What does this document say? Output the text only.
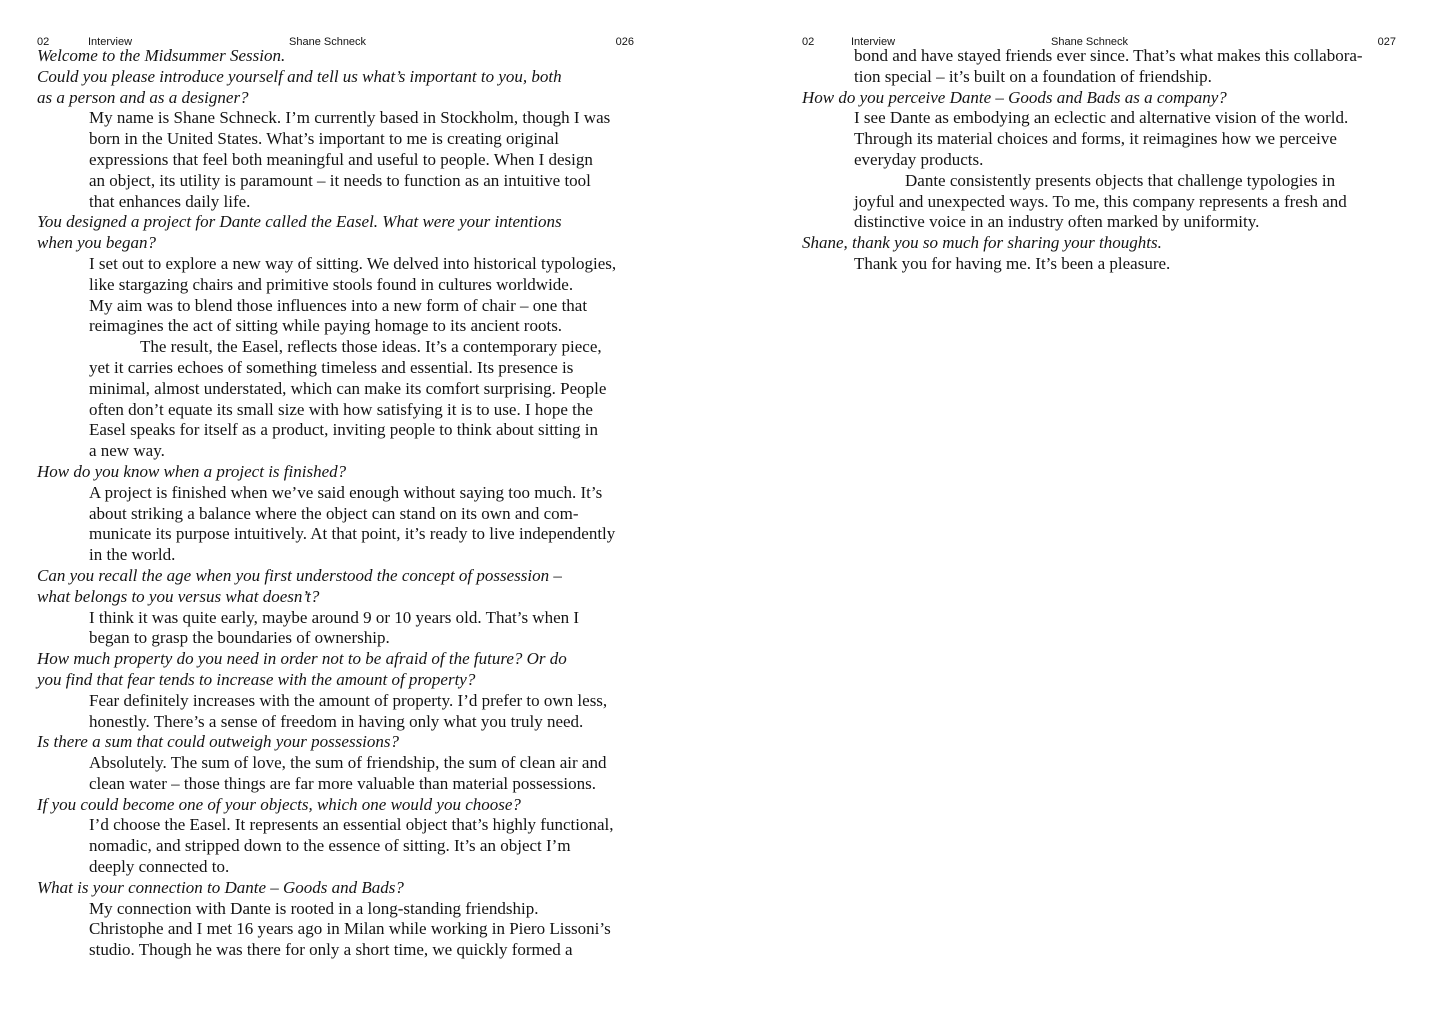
02	Interview	Shane Schneck	026
Welcome to the Midsummer Session.
Could you please introduce yourself and tell us what’s important to you, both
as a person and as a designer?
My name is Shane Schneck. I’m currently based in Stockholm, though I was
born in the United States. What’s important to me is creating original
expressions that feel both meaningful and useful to people. When I design
an object, its utility is paramount – it needs to function as an intuitive tool
that enhances daily life.
You designed a project for Dante called the Easel. What were your intentions
when you began?
I set out to explore a new way of sitting. We delved into historical typologies,
like stargazing chairs and primitive stools found in cultures worldwide.
My aim was to blend those influences into a new form of chair – one that
reimagines the act of sitting while paying homage to its ancient roots.
The result, the Easel, reflects those ideas. It’s a contemporary piece,
yet it carries echoes of something timeless and essential. Its presence is
minimal, almost understated, which can make its comfort surprising. People
often don’t equate its small size with how satisfying it is to use. I hope the
Easel speaks for itself as a product, inviting people to think about sitting in
a new way.
How do you know when a project is finished?
A project is finished when we’ve said enough without saying too much. It’s
about striking a balance where the object can stand on its own and com-
municate its purpose intuitively. At that point, it’s ready to live independently
in the world.
Can you recall the age when you first understood the concept of possession –
what belongs to you versus what doesn’t?
I think it was quite early, maybe around 9 or 10 years old. That’s when I
began to grasp the boundaries of ownership.
How much property do you need in order not to be afraid of the future? Or do
you find that fear tends to increase with the amount of property?
Fear definitely increases with the amount of property. I’d prefer to own less,
honestly. There’s a sense of freedom in having only what you truly need.
Is there a sum that could outweigh your possessions?
Absolutely. The sum of love, the sum of friendship, the sum of clean air and
clean water – those things are far more valuable than material possessions.
If you could become one of your objects, which one would you choose?
I’d choose the Easel. It represents an essential object that’s highly functional,
nomadic, and stripped down to the essence of sitting. It’s an object I’m
deeply connected to.
What is your connection to Dante – Goods and Bads?
My connection with Dante is rooted in a long-standing friendship.
Christophe and I met 16 years ago in Milan while working in Piero Lissoni’s
studio. Though he was there for only a short time, we quickly formed a
02	Interview	Shane Schneck	027
bond and have stayed friends ever since. That’s what makes this collabora-
tion special – it’s built on a foundation of friendship.
How do you perceive Dante – Goods and Bads as a company?
I see Dante as embodying an eclectic and alternative vision of the world.
Through its material choices and forms, it reimagines how we perceive
everyday products.
Dante consistently presents objects that challenge typologies in
joyful and unexpected ways. To me, this company represents a fresh and
distinctive voice in an industry often marked by uniformity.
Shane, thank you so much for sharing your thoughts.
Thank you for having me. It’s been a pleasure.
